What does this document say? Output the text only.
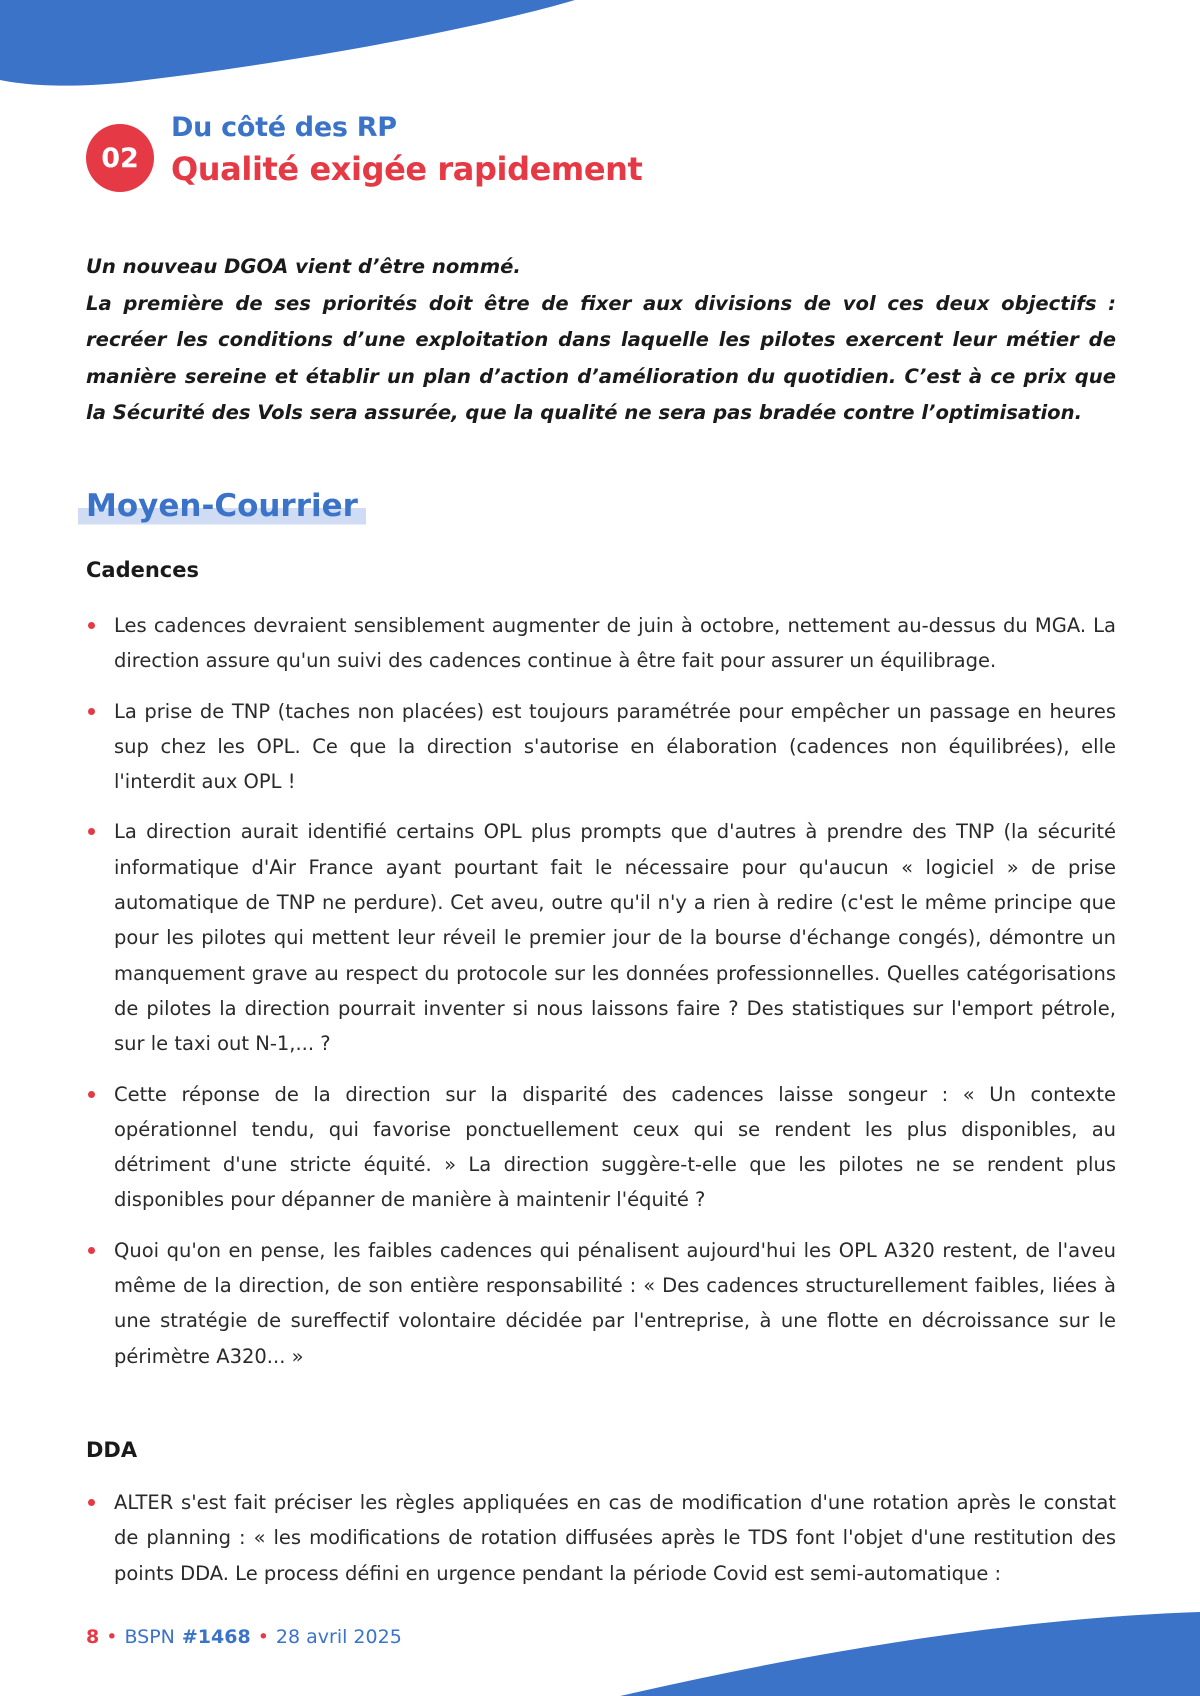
02
Du côté des RP
Qualité exigée rapidement

Un nouveau DGOA vient d’être nommé.

La première de ses priorités doit être de fixer aux divisions de vol ces deux objectifs : recréer les conditions d’une exploitation dans laquelle les pilotes exercent leur métier de manière sereine et établir un plan d’action d’amélioration du quotidien. C’est à ce prix que la Sécurité des Vols sera assurée, que la qualité ne sera pas bradée contre l’optimisation.

Moyen-Courrier
Cadences
Les cadences devraient sensiblement augmenter de juin à octobre, nettement au-dessus du MGA. La direction assure qu'un suivi des cadences continue à être fait pour assurer un équilibrage.
La prise de TNP (taches non placées) est toujours paramétrée pour empêcher un passage en heures sup chez les OPL. Ce que la direction s'autorise en élaboration (cadences non équilibrées), elle l'interdit aux OPL !
La direction aurait identifié certains OPL plus prompts que d'autres à prendre des TNP (la sécurité informatique d'Air France ayant pourtant fait le nécessaire pour qu'aucun « logiciel » de prise automatique de TNP ne perdure). Cet aveu, outre qu'il n'y a rien à redire (c'est le même principe que pour les pilotes qui mettent leur réveil le premier jour de la bourse d'échange congés), démontre un manquement grave au respect du protocole sur les données professionnelles. Quelles catégorisations de pilotes la direction pourrait inventer si nous laissons faire ? Des statistiques sur l'emport pétrole, sur le taxi out N-1,... ?
Cette réponse de la direction sur la disparité des cadences laisse songeur : « Un contexte opérationnel tendu, qui favorise ponctuellement ceux qui se rendent les plus disponibles, au détriment d'une stricte équité. » La direction suggère-t-elle que les pilotes ne se rendent plus disponibles pour dépanner de manière à maintenir l'équité ?
Quoi qu'on en pense, les faibles cadences qui pénalisent aujourd'hui les OPL A320 restent, de l'aveu même de la direction, de son entière responsabilité : « Des cadences structurellement faibles, liées à une stratégie de sureffectif volontaire décidée par l'entreprise, à une flotte en décroissance sur le périmètre A320... »
DDA
ALTER s'est fait préciser les règles appliquées en cas de modification d'une rotation après le constat de planning : « les modifications de rotation diffusées après le TDS font l'objet d'une restitution des points DDA. Le process défini en urgence pendant la période Covid est semi-automatique :
8 • BSPN #1468 • 28 avril 2025
